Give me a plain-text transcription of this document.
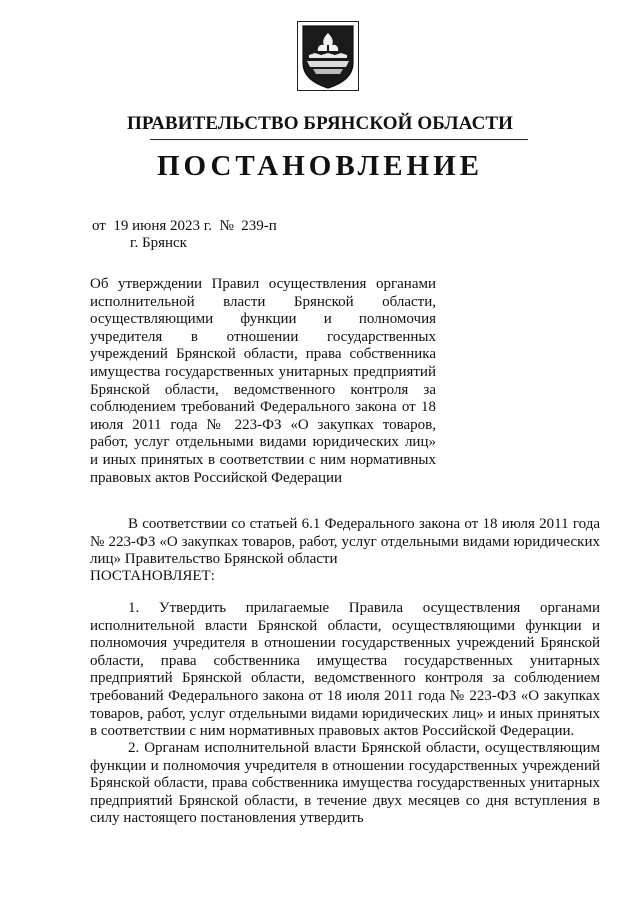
ПРАВИТЕЛЬСТВО БРЯНСКОЙ ОБЛАСТИ
ПОСТАНОВЛЕНИЕ
от  19 июня 2023 г.  №  239-п
г. Брянск
Об утверждении Правил осуществления органами исполнительной власти Брянской области, осуществляющими функции и полномочия учредителя в отношении государственных учреждений Брянской области, права собственника имущества государственных унитарных предприятий Брянской области, ведомственного контроля за соблюдением требований Федерального закона от 18 июля 2011 года № 223-ФЗ «О закупках товаров, работ, услуг отдельными видами юридических лиц» и иных принятых в соответствии с ним нормативных правовых актов Российской Федерации
В соответствии со статьей 6.1 Федерального закона от 18 июля 2011 года № 223-ФЗ «О закупках товаров, работ, услуг отдельными видами юридических лиц» Правительство Брянской области
ПОСТАНОВЛЯЕТ:
1. Утвердить прилагаемые Правила осуществления органами исполнительной власти Брянской области, осуществляющими функции и полномочия учредителя в отношении государственных учреждений Брянской области, права собственника имущества государственных унитарных предприятий Брянской области, ведомственного контроля за соблюдением требований Федерального закона от 18 июля 2011 года № 223-ФЗ «О закупках товаров, работ, услуг отдельными видами юридических лиц» и иных принятых в соответствии с ним нормативных правовых актов Российской Федерации.
2. Органам исполнительной власти Брянской области, осуществляющим функции и полномочия учредителя в отношении государственных учреждений Брянской области, права собственника имущества государственных унитарных предприятий Брянской области, в течение двух месяцев со дня вступления в силу настоящего постановления утвердить
